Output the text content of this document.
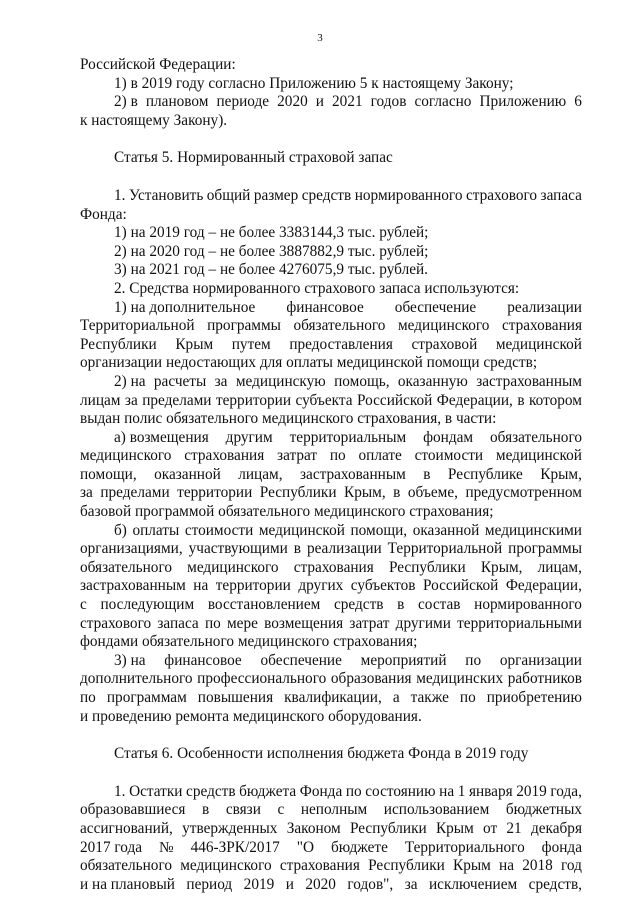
3
Российской Федерации:
1) в 2019 году согласно Приложению 5 к настоящему Закону;
2) в плановом периоде 2020 и 2021 годов согласно Приложению 6
к настоящему Закону).
Статья 5. Нормированный страховой запас
1. Установить общий размер средств нормированного страхового запаса
Фонда:
1) на 2019 год – не более 3383144,3 тыс. рублей;
2) на 2020 год – не более 3887882,9 тыс. рублей;
3) на 2021 год – не более 4276075,9 тыс. рублей.
2. Средства нормированного страхового запаса используются:
1) на дополнительное финансовое обеспечение реализации
Территориальной программы обязательного медицинского страхования
Республики Крым путем предоставления страховой медицинской
организации недостающих для оплаты медицинской помощи средств;
2) на расчеты за медицинскую помощь, оказанную застрахованным
лицам за пределами территории субъекта Российской Федерации, в котором
выдан полис обязательного медицинского страхования, в части:
а) возмещения другим территориальным фондам обязательного
медицинского страхования затрат по оплате стоимости медицинской
помощи, оказанной лицам, застрахованным в Республике Крым,
за пределами территории Республики Крым, в объеме, предусмотренном
базовой программой обязательного медицинского страхования;
б) оплаты стоимости медицинской помощи, оказанной медицинскими
организациями, участвующими в реализации Территориальной программы
обязательного медицинского страхования Республики Крым, лицам,
застрахованным на территории других субъектов Российской Федерации,
с последующим восстановлением средств в состав нормированного
страхового запаса по мере возмещения затрат другими территориальными
фондами обязательного медицинского страхования;
3) на финансовое обеспечение мероприятий по организации
дополнительного профессионального образования медицинских работников
по программам повышения квалификации, а также по приобретению
и проведению ремонта медицинского оборудования.
Статья 6. Особенности исполнения бюджета Фонда в 2019 году
1. Остатки средств бюджета Фонда по состоянию на 1 января 2019 года,
образовавшиеся в связи с неполным использованием бюджетных
ассигнований, утвержденных Законом Республики Крым от 21 декабря
2017 года № 446-ЗРК/2017 "О бюджете Территориального фонда
обязательного медицинского страхования Республики Крым на 2018 год
и на плановый период 2019 и 2020 годов", за исключением средств,
